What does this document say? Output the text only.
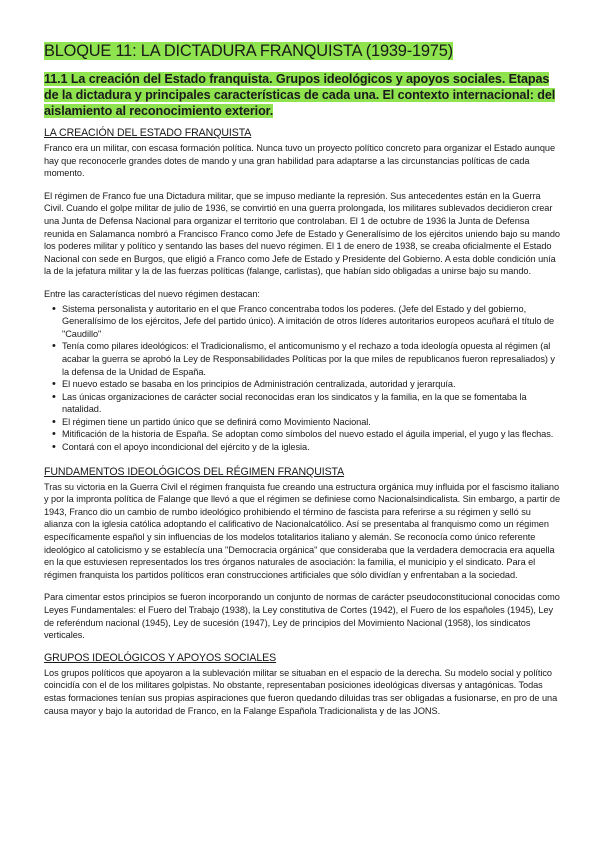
BLOQUE 11: LA DICTADURA FRANQUISTA (1939-1975)

11.1 La creación del Estado franquista. Grupos ideológicos y apoyos sociales. Etapas de la dictadura y principales características de cada una. El contexto internacional: del aislamiento al reconocimiento exterior.

LA CREACIÓN DEL ESTADO FRANQUISTA

Franco era un militar, con escasa formación política. Nunca tuvo un proyecto político concreto para organizar el Estado aunque hay que reconocerle grandes dotes de mando y una gran habilidad para adaptarse a las circunstancias políticas de cada momento.

El régimen de Franco fue una Dictadura militar, que se impuso mediante la represión. Sus antecedentes están en la Guerra Civil. Cuando el golpe militar de julio de 1936, se convirtió en una guerra prolongada, los militares sublevados decidieron crear una Junta de Defensa Nacional para organizar el territorio que controlaban. El 1 de octubre de 1936 la Junta de Defensa reunida en Salamanca nombró a Francisco Franco como Jefe de Estado y Generalísimo de los ejércitos uniendo bajo su mando los poderes militar y político y sentando las bases del nuevo régimen. El 1 de enero de 1938, se creaba oficialmente el Estado Nacional con sede en Burgos, que eligió a Franco como Jefe de Estado y Presidente del Gobierno. A esta doble condición unía la de la jefatura militar y la de las fuerzas políticas (falange, carlistas), que habían sido obligadas a unirse bajo su mando.

Entre las características del nuevo régimen destacan:

• Sistema personalista y autoritario en el que Franco concentraba todos los poderes. (Jefe del Estado y del gobierno, Generalísimo de los ejércitos, Jefe del partido único). A imitación de otros líderes autoritarios europeos acuñará el título de "Caudillo"
• Tenía como pilares ideológicos: el Tradicionalismo, el anticomunismo y el rechazo a toda ideología opuesta al régimen (al acabar la guerra se aprobó la Ley de Responsabilidades Políticas por la que miles de republicanos fueron represaliados) y la defensa de la Unidad de España.
• El nuevo estado se basaba en los principios de Administración centralizada, autoridad y jerarquía.
• Las únicas organizaciones de carácter social reconocidas eran los sindicatos y la familia, en la que se fomentaba la natalidad.
• El régimen tiene un partido único que se definirá como Movimiento Nacional.
• Mitificación de la historia de España. Se adoptan como símbolos del nuevo estado el águila imperial, el yugo y las flechas.
• Contará con el apoyo incondicional del ejército y de la iglesia.
FUNDAMENTOS IDEOLÓGICOS DEL RÉGIMEN FRANQUISTA

Tras su victoria en la Guerra Civil el régimen franquista fue creando una estructura orgánica muy influida por el fascismo italiano y por la impronta política de Falange que llevó a que el régimen se definiese como Nacionalsindicalista. Sin embargo, a partir de 1943, Franco dio un cambio de rumbo ideológico prohibiendo el término de fascista para referirse a su régimen y selló su alianza con la iglesia católica adoptando el calificativo de Nacionalcatólico. Así se presentaba al franquismo como un régimen específicamente español y sin influencias de los modelos totalitarios italiano y alemán. Se reconocía como único referente ideológico al catolicismo y se establecía una "Democracia orgánica" que consideraba que la verdadera democracia era aquella en la que estuviesen representados los tres órganos naturales de asociación: la familia, el municipio y el sindicato. Para el régimen franquista los partidos políticos eran construcciones artificiales que sólo dividían y enfrentaban a la sociedad.

Para cimentar estos principios se fueron incorporando un conjunto de normas de carácter pseudoconstitucional conocidas como Leyes Fundamentales: el Fuero del Trabajo (1938), la Ley constitutiva de Cortes (1942), el Fuero de los españoles (1945), Ley de referéndum nacional (1945), Ley de sucesión (1947), Ley de principios del Movimiento Nacional (1958), los sindicatos verticales.

GRUPOS IDEOLÓGICOS Y APOYOS SOCIALES

Los grupos políticos que apoyaron a la sublevación militar se situaban en el espacio de la derecha. Su modelo social y político coincidía con el de los militares golpistas. No obstante, representaban posiciones ideológicas diversas y antagónicas. Todas estas formaciones tenían sus propias aspiraciones que fueron quedando diluidas tras ser obligadas a fusionarse, en pro de una causa mayor y bajo la autoridad de Franco, en la Falange Española Tradicionalista y de las JONS.
